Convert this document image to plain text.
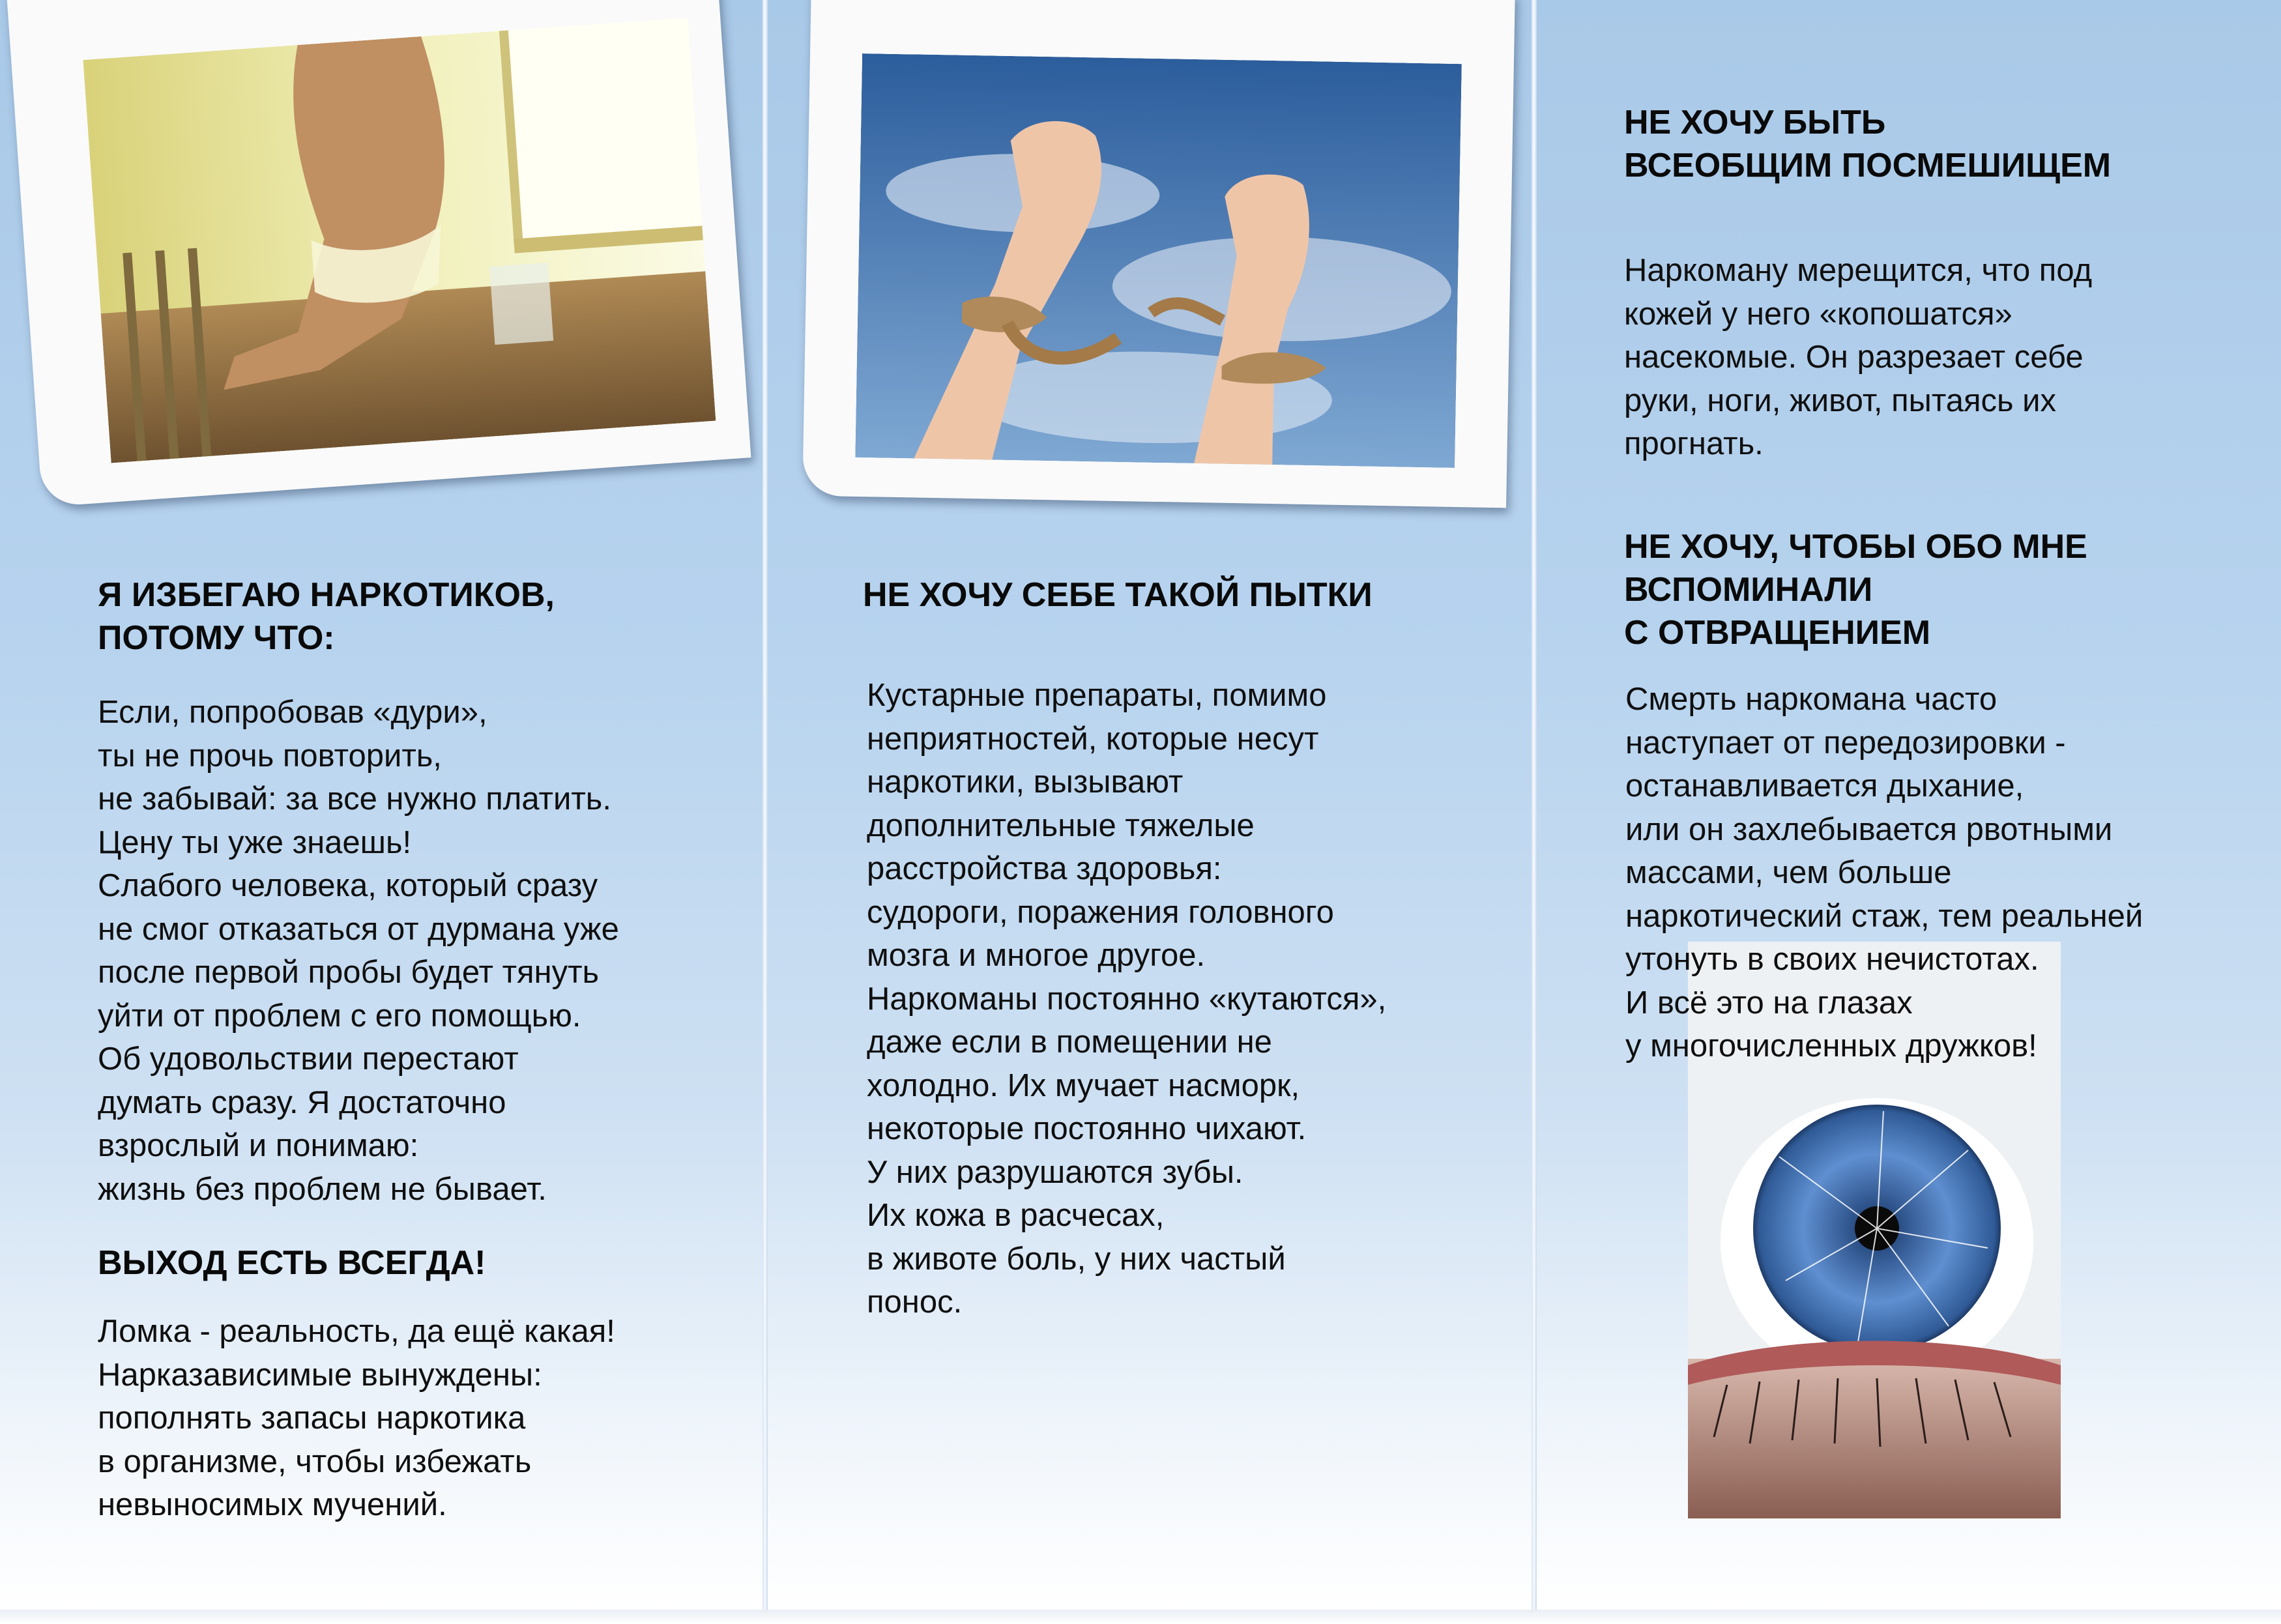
Я ИЗБЕГАЮ НАРКОТИКОВ,
ПОТОМУ ЧТО:

Если, попробовав «дури»,
ты не прочь повторить,
не забывай: за все нужно платить.
Цену ты уже знаешь!
Слабого человека, который сразу
не смог отказаться от дурмана уже
после первой пробы будет тянуть
уйти от проблем с его помощью.
Об удовольствии перестают
думать сразу. Я достаточно
взрослый и понимаю:
жизнь без проблем не бывает.

ВЫХОД ЕСТЬ ВСЕГДА!

Ломка - реальность, да ещё какая!
Нарказависимые вынуждены:
пополнять запасы наркотика
в организме, чтобы избежать
невыносимых мучений.

НЕ ХОЧУ СЕБЕ ТАКОЙ ПЫТКИ

Кустарные препараты, помимо
неприятностей, которые несут
наркотики, вызывают
дополнительные тяжелые
расстройства здоровья:
судороги, поражения головного
мозга и многое другое.
Наркоманы постоянно «кутаются»,
даже если в помещении не
холодно. Их мучает насморк,
некоторые постоянно чихают.
У них разрушаются зубы.
Их кожа в расчесах,
в животе боль, у них частый
понос.

НЕ ХОЧУ БЫТЬ
ВСЕОБЩИМ ПОСМЕШИЩЕМ

Наркоману мерещится, что под
кожей у него «копошатся»
насекомые. Он разрезает себе
руки, ноги, живот, пытаясь их
прогнать.

НЕ ХОЧУ, ЧТОБЫ ОБО МНЕ
ВСПОМИНАЛИ
С ОТВРАЩЕНИЕМ

Смерть наркомана часто
наступает от передозировки -
останавливается дыхание,
или он захлебывается рвотными
массами, чем больше
наркотический стаж, тем реальней
утонуть в своих нечистотах.
И всё это на глазах
у многочисленных дружков!
